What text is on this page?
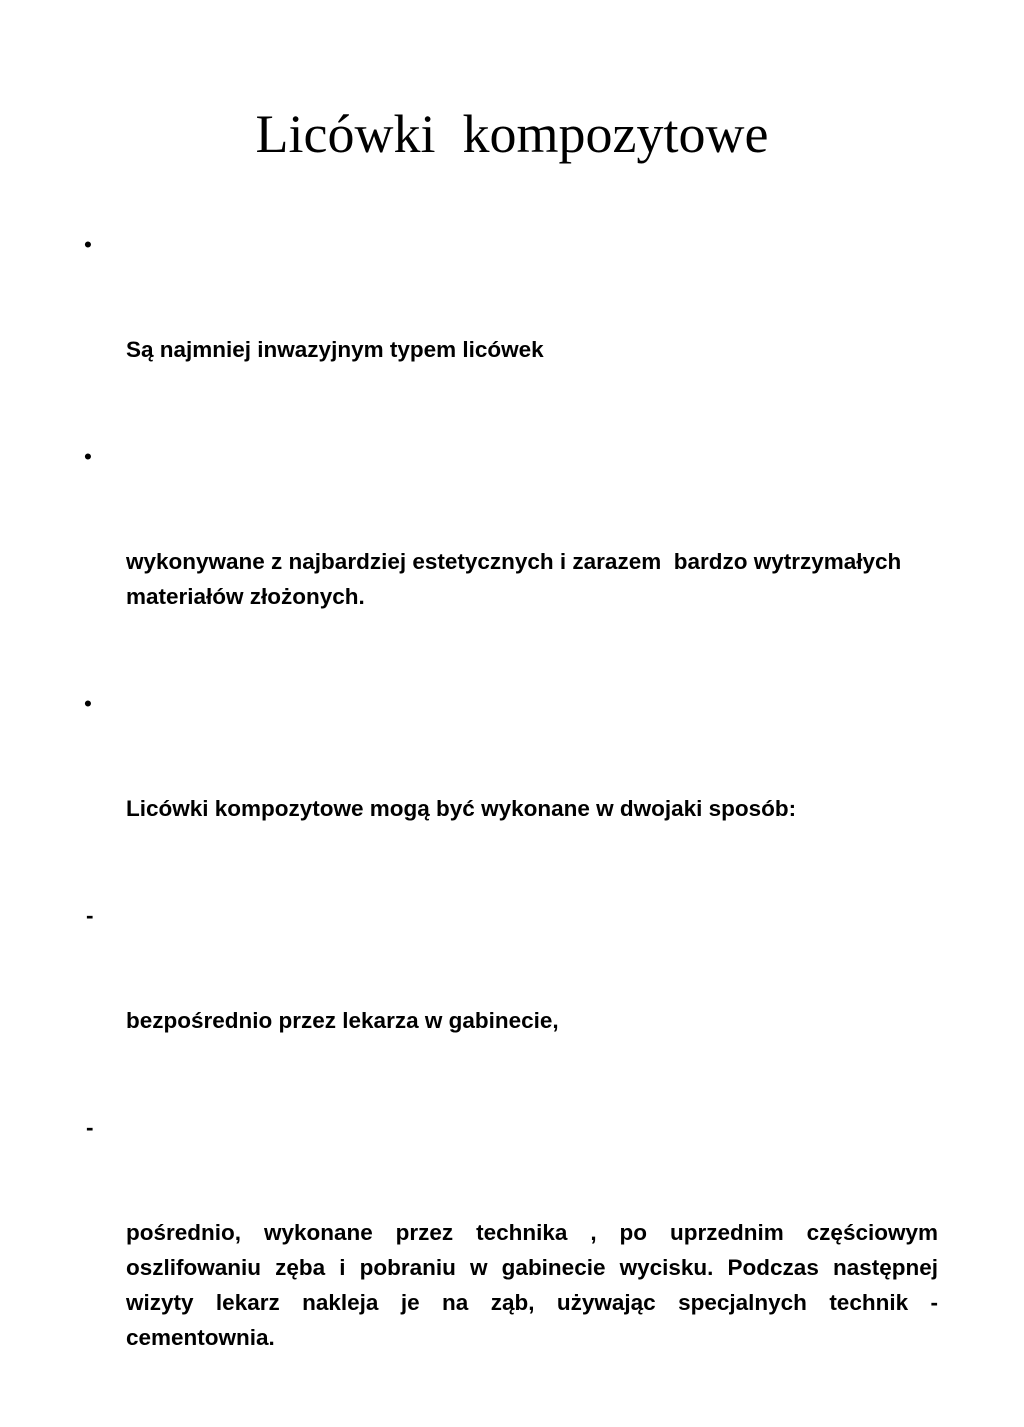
Licówki  kompozytowe

•

Są najmniej inwazyjnym typem licówek

•

wykonywane z najbardziej estetycznych i zarazem  bardzo wytrzymałych materiałów złożonych.

•

Licówki kompozytowe mogą być wykonane w dwojaki sposób:

-

bezpośrednio przez lekarza w gabinecie,

-

pośrednio, wykonane przez technika , po uprzednim częściowym oszlifowaniu zęba i pobraniu w gabinecie wycisku. Podczas następnej wizyty lekarz nakleja je na ząb, używając specjalnych technik - cementownia.
